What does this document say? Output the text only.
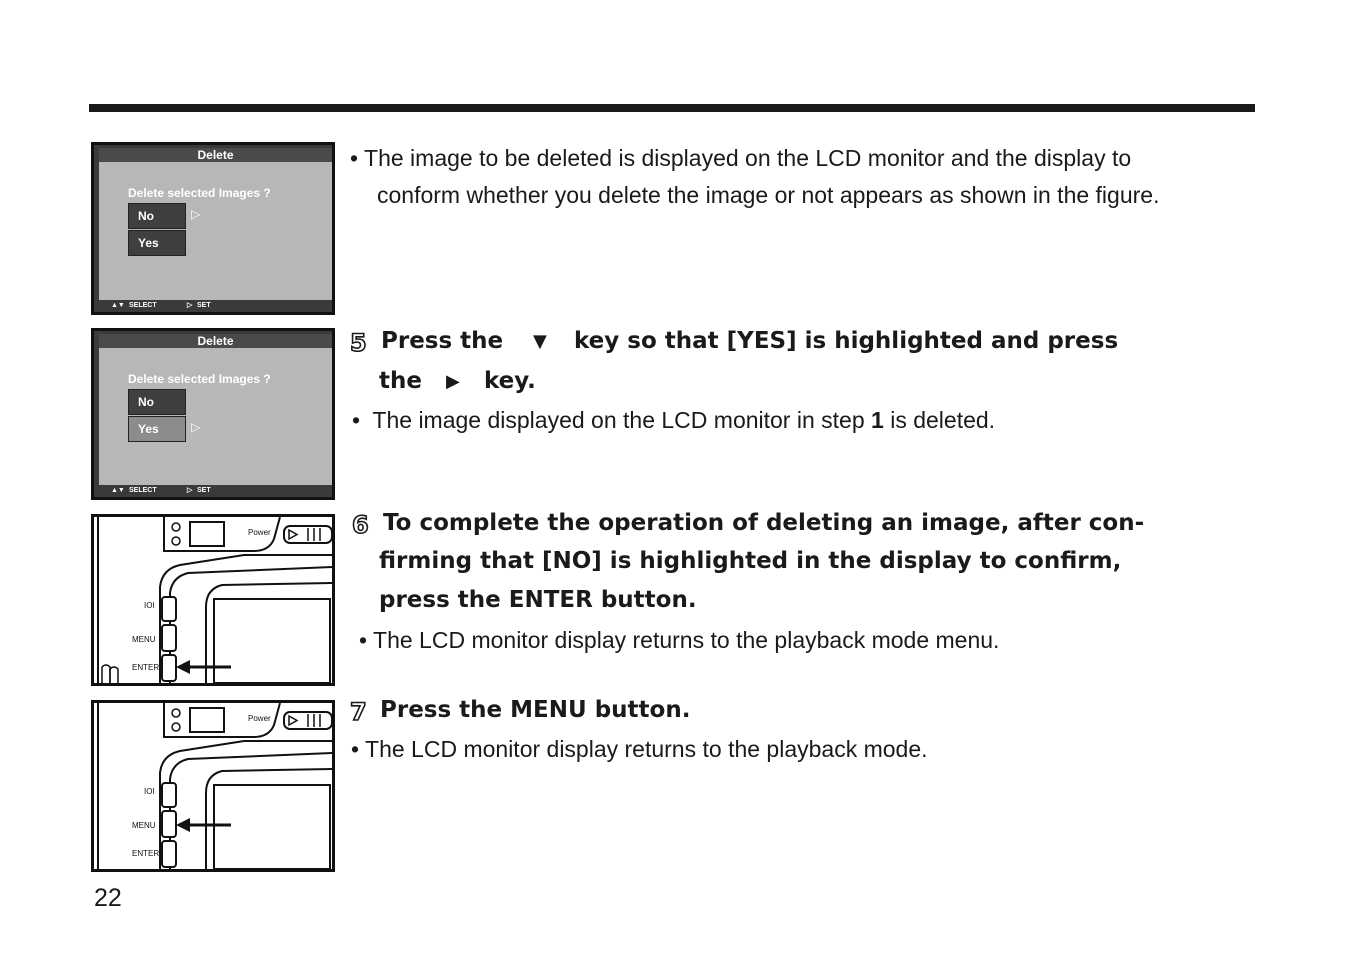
Delete
Delete selected Images ?
No	▷
Yes
▲▼ SELECT	▷ SET
Delete
Delete selected Images ?
No
Yes	▷
▲▼ SELECT	▷ SET
Power
IOI
MENU
ENTER
Power
IOI
MENU
ENTER
• The image to be deleted is displayed on the LCD monitor and the display to
conform whether you delete the image or not appears as shown in the figure.
5 Press the ▼ key so that [YES] is highlighted and press
the ▶ key.
•  The image displayed on the LCD monitor in step 1 is deleted.
6 To complete the operation of deleting an image, after con-
firming that [NO] is highlighted in the display to confirm,
press the ENTER button.
• The LCD monitor display returns to the playback mode menu.
7 Press the MENU button.
• The LCD monitor display returns to the playback mode.
22
